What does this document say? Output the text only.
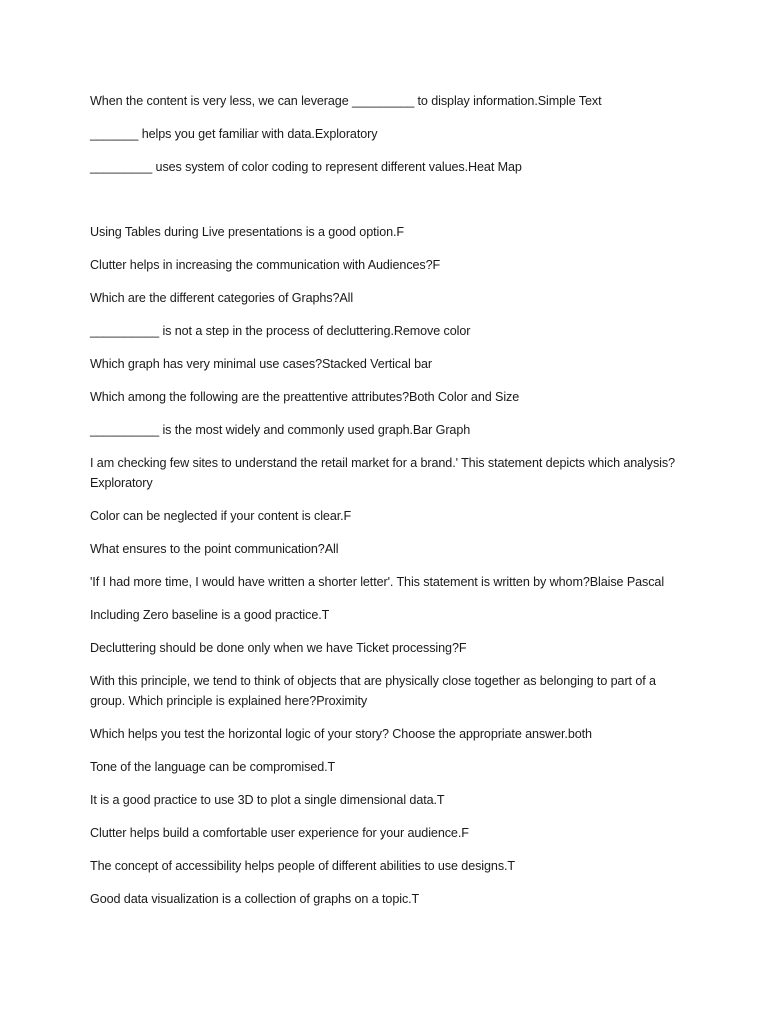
When the content is very less, we can leverage _________ to display information.Simple Text

_______ helps you get familiar with data.Exploratory

_________ uses system of color coding to represent different values.Heat Map

Using Tables during Live presentations is a good option.F

Clutter helps in increasing the communication with Audiences?F

Which are the different categories of Graphs?All

__________ is not a step in the process of decluttering.Remove color

Which graph has very minimal use cases?Stacked Vertical bar

Which among the following are the preattentive attributes?Both Color and Size

__________ is the most widely and commonly used graph.Bar Graph

I am checking few sites to understand the retail market for a brand.' This statement depicts which analysis?Exploratory

Color can be neglected if your content is clear.F

What ensures to the point communication?All

'If I had more time, I would have written a shorter letter'. This statement is written by whom?Blaise Pascal

Including Zero baseline is a good practice.T

Decluttering should be done only when we have Ticket processing?F

With this principle, we tend to think of objects that are physically close together as belonging to part of a group. Which principle is explained here?Proximity

Which helps you test the horizontal logic of your story? Choose the appropriate answer.both

Tone of the language can be compromised.T

It is a good practice to use 3D to plot a single dimensional data.T

Clutter helps build a comfortable user experience for your audience.F

The concept of accessibility helps people of different abilities to use designs.T

Good data visualization is a collection of graphs on a topic.T
